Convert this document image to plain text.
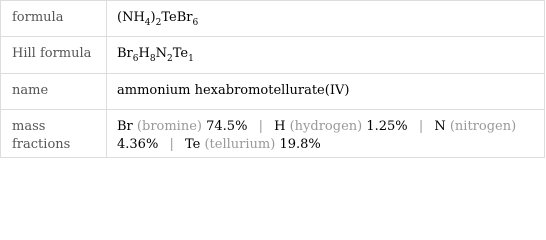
formula	$(NH_4)_2TeBr_6$
Hill formula	$Br_6H_8N_2Te_1$
name	ammonium hexabromotellurate(IV)
mass fractions	Br (bromine) 74.5% | H (hydrogen) 1.25% | N (nitrogen) 4.36% | Te (tellurium) 19.8%
